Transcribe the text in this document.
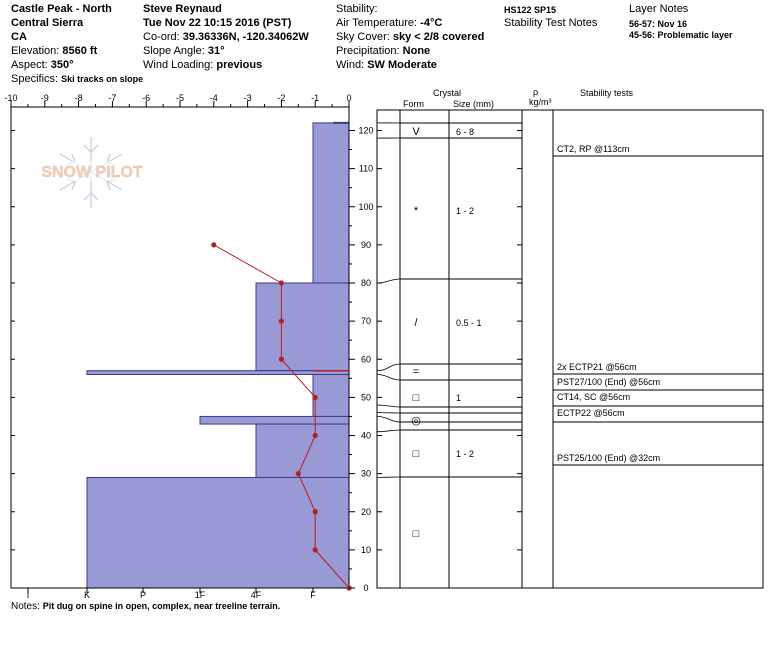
Castle Peak - North
Central Sierra
CA
Elevation: 8560 ft
Aspect: 350°
Specifics: Ski tracks on slope
Steve Reynaud
Tue Nov 22 10:15 2016 (PST)
Co-ord: 39.36336N, -120.34062W
Slope Angle: 31°
Wind Loading: previous
Stability:
Air Temperature: -4°C
Sky Cover: sky < 2/8 covered
Precipitation: None
Wind: SW Moderate
HS122 SP15
Stability Test Notes
Layer Notes
56-57: Nov 16
45-56: Problematic layer
Crystal
Form	Size (mm)
ρ
kg/m³
Stability tests
SNOW PILOT
-10	-9	-8	-7	-6	-5	-4	-3	-2	-1	0
I	K	P	1F	4F	F
0
10
20
30
40
50
60
70
80
90
100
110
120	V	6 - 8
*	1 - 2
/	0.5 - 1
=
□	1
◎
□	1 - 2
□
CT2, RP @113cm
2x ECTP21 @56cm
PST27/100 (End) @56cm
CT14, SC @56cm
ECTP22 @56cm
PST25/100 (End) @32cm
Notes: Pit dug on spine in open, complex, near treeline terrain.
